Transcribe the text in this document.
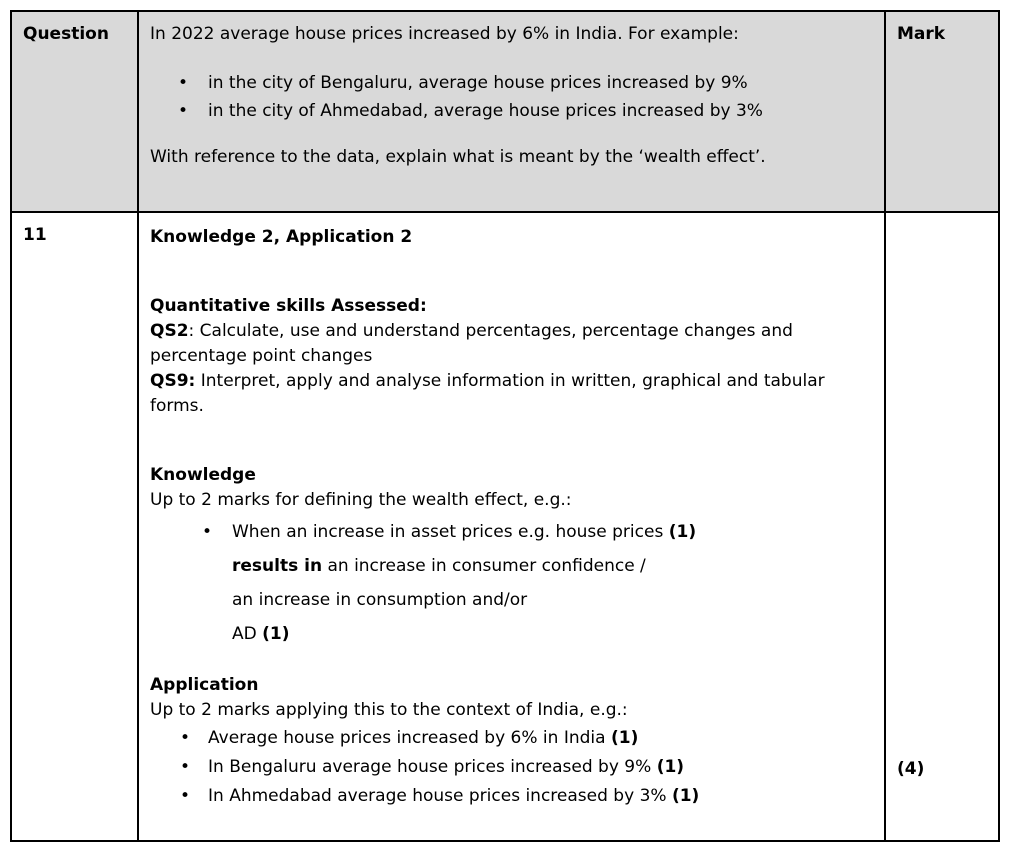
Question	In 2022 average house prices increased by 6% in India. For example:

• in the city of Bengaluru, average house prices increased by 9%
• in the city of Ahmedabad, average house prices increased by 3%

With reference to the data, explain what is meant by the ‘wealth effect’.

Mark
11	Knowledge 2, Application 2

Quantitative skills Assessed:

QS2: Calculate, use and understand percentages, percentage changes and percentage point changes

QS9: Interpret, apply and analyse information in written, graphical and tabular forms.

Knowledge

Up to 2 marks for defining the wealth effect, e.g.:

• When an increase in asset prices e.g. house prices (1)
results in an increase in consumer confidence /
an increase in consumption and/or
AD (1)

Application

Up to 2 marks applying this to the context of India, e.g.:

• Average house prices increased by 6% in India (1)
• In Bengaluru average house prices increased by 9% (1)
• In Ahmedabad average house prices increased by 3% (1)
(4)
